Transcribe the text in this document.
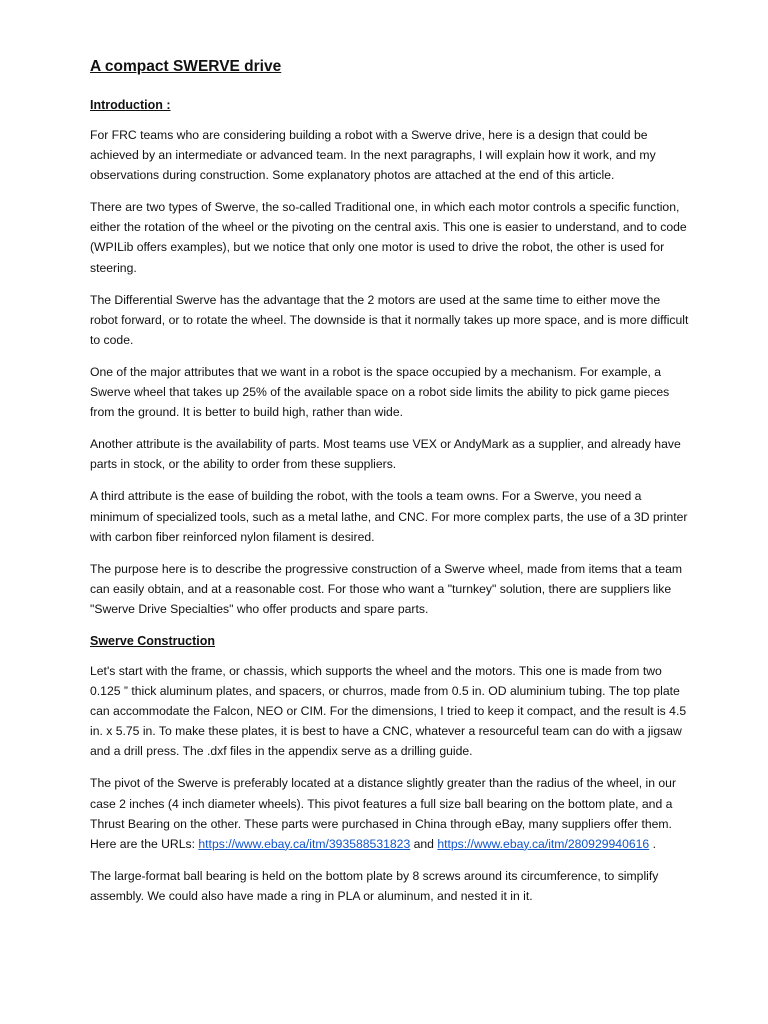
A compact SWERVE drive
Introduction :

For FRC teams who are considering building a robot with a Swerve drive, here is a design that could be achieved by an intermediate or advanced team. In the next paragraphs, I will explain how it work, and my observations during construction. Some explanatory photos are attached at the end of this article.

There are two types of Swerve, the so-called Traditional one, in which each motor controls a specific function, either the rotation of the wheel or the pivoting on the central axis. This one is easier to understand, and to code (WPILib offers examples), but we notice that only one motor is used to drive the robot, the other is used for steering.

The Differential Swerve has the advantage that the 2 motors are used at the same time to either move the robot forward, or to rotate the wheel. The downside is that it normally takes up more space, and is more difficult to code.

One of the major attributes that we want in a robot is the space occupied by a mechanism. For example, a Swerve wheel that takes up 25% of the available space on a robot side limits the ability to pick game pieces from the ground. It is better to build high, rather than wide.

Another attribute is the availability of parts. Most teams use VEX or AndyMark as a supplier, and already have parts in stock, or the ability to order from these suppliers.

A third attribute is the ease of building the robot, with the tools a team owns. For a Swerve, you need a minimum of specialized tools, such as a metal lathe, and CNC. For more complex parts, the use of a 3D printer with carbon fiber reinforced nylon filament is desired.

The purpose here is to describe the progressive construction of a Swerve wheel, made from items that a team can easily obtain, and at a reasonable cost. For those who want a "turnkey" solution, there are suppliers like "Swerve Drive Specialties" who offer products and spare parts.

Swerve Construction

Let's start with the frame, or chassis, which supports the wheel and the motors. This one is made from two 0.125 ” thick aluminum plates, and spacers, or churros, made from 0.5 in. OD aluminium tubing. The top plate can accommodate the Falcon, NEO or CIM. For the dimensions, I tried to keep it compact, and the result is 4.5 in. x 5.75 in. To make these plates, it is best to have a CNC, whatever a resourceful team can do with a jigsaw and a drill press. The .dxf files in the appendix serve as a drilling guide.

The pivot of the Swerve is preferably located at a distance slightly greater than the radius of the wheel, in our case 2 inches (4 inch diameter wheels). This pivot features a full size ball bearing on the bottom plate, and a Thrust Bearing on the other. These parts were purchased in China through eBay, many suppliers offer them. Here are the URLs: https://www.ebay.ca/itm/393588531823 and https://www.ebay.ca/itm/280929940616 .

The large-format ball bearing is held on the bottom plate by 8 screws around its circumference, to simplify assembly. We could also have made a ring in PLA or aluminum, and nested it in it.
